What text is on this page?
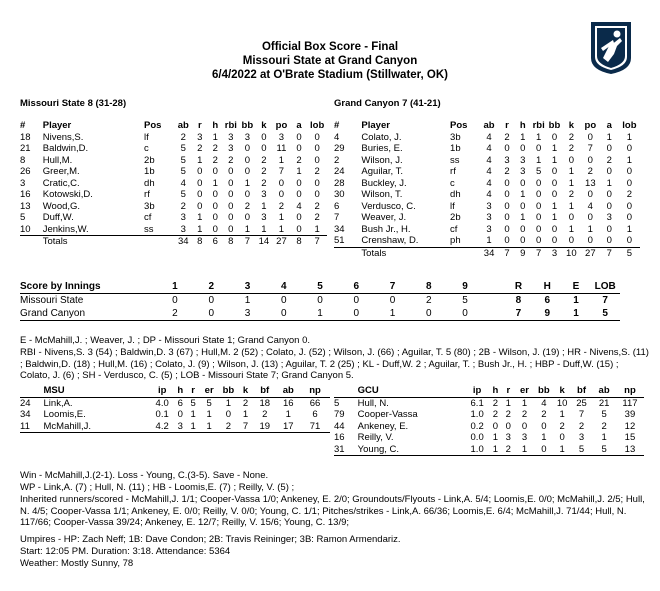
Official Box Score - Final
Missouri State at Grand Canyon
6/4/2022 at O'Brate Stadium (Stillwater, OK)
Missouri State 8 (31-28)	Grand Canyon 7 (41-21)
#	Player	Pos	ab	r	h	rbi	bb	k	po	a	lob
18	Nivens,S.	lf	2	3	1	3	3	0	3	0	0
21	Baldwin,D.	c	5	2	2	3	0	0	11	0	0
8	Hull,M.	2b	5	1	2	2	0	2	1	2	0
26	Greer,M.	1b	5	0	0	0	0	2	7	1	2
3	Cratic,C.	dh	4	0	1	0	1	2	0	0	0
16	Kotowski,D.	rf	5	0	0	0	0	3	0	0	0
13	Wood,G.	3b	2	0	0	0	2	1	2	4	2
5	Duff,W.	cf	3	1	0	0	0	3	1	0	2
10	Jenkins,W.	ss	3	1	0	0	1	1	1	0	1
	Totals		34	8	6	8	7	14	27	8	7
#	Player	Pos	ab	r	h	rbi	bb	k	po	a	lob
4	Colato, J.	3b	4	2	1	1	0	2	0	1	1
29	Buries, E.	1b	4	0	0	0	1	2	7	0	0
2	Wilson, J.	ss	4	3	3	1	1	0	0	2	1
24	Aguilar, T.	rf	4	2	3	5	0	1	2	0	0
28	Buckley, J.	c	4	0	0	0	0	1	13	1	0
30	Wilson, T.	dh	4	0	1	0	0	2	0	0	2
6	Verdusco, C.	lf	3	0	0	0	1	1	4	0	0
7	Weaver, J.	2b	3	0	1	0	1	0	0	3	0
34	Bush Jr., H.	cf	3	0	0	0	0	1	1	0	1
51	Crenshaw, D.	ph	1	0	0	0	0	0	0	0	0
	Totals		34	7	9	7	3	10	27	7	5
Score by Innings	1	2	3	4	5	6	7	8	9		R	H	E	LOB
Missouri State	0	0	1	0	0	0	0	2	5		8	6	1	7
Grand Canyon	2	0	3	0	1	0	1	0	0		7	9	1	5
E - McMahill,J. ; Weaver, J. ; DP - Missouri State 1; Grand Canyon 0.
RBI - Nivens,S. 3 (54) ; Baldwin,D. 3 (67) ; Hull,M. 2 (52) ; Colato, J. (52) ; Wilson, J. (66) ; Aguilar, T. 5 (80) ; 2B - Wilson, J. (19) ; HR - Nivens,S. (11) ; Baldwin,D. (18) ; Hull,M. (16) ; Colato, J. (9) ; Wilson, J. (13) ; Aguilar, T. 2 (25) ; KL - Duff,W. 2 ; Aguilar, T. ; Bush Jr., H. ; HBP - Duff,W. (15) ; Colato, J. (6) ; SH - Verdusco, C. (5) ; LOB - Missouri State 7; Grand Canyon 5.
	MSU	ip	h	r	er	bb	k	bf	ab	np
24	Link,A.	4.0	6	5	5	1	2	18	16	66
34	Loomis,E.	0.1	0	1	1	0	1	2	1	6
11	McMahill,J.	4.2	3	1	1	2	7	19	17	71
	GCU	ip	h	r	er	bb	k	bf	ab	np
5	Hull, N.	6.1	2	1	1	4	10	25	21	117
79	Cooper-Vassa	1.0	2	2	2	2	1	7	5	39
44	Ankeney, E.	0.2	0	0	0	0	2	2	2	12
16	Reilly, V.	0.0	1	3	3	1	0	3	1	15
31	Young, C.	1.0	1	2	1	0	1	5	5	13
Win - McMahill,J.(2-1). Loss - Young, C.(3-5). Save - None.
WP - Link,A. (7) ; Hull, N. (11) ; HB - Loomis,E. (7) ; Reilly, V. (5) ;
Inherited runners/scored - McMahill,J. 1/1; Cooper-Vassa 1/0; Ankeney, E. 2/0; Groundouts/Flyouts - Link,A. 5/4; Loomis,E. 0/0; McMahill,J. 2/5; Hull, N. 4/5; Cooper-Vassa 1/1; Ankeney, E. 0/0; Reilly, V. 0/0; Young, C. 1/1; Pitches/strikes - Link,A. 66/36; Loomis,E. 6/4; McMahill,J. 71/44; Hull, N. 117/66; Cooper-Vassa 39/24; Ankeney, E. 12/7; Reilly, V. 15/6; Young, C. 13/9;
Umpires - HP: Zach Neff; 1B: Dave Condon; 2B: Travis Reininger; 3B: Ramon Armendariz.
Start: 12:05 PM. Duration: 3:18. Attendance: 5364
Weather: Mostly Sunny, 78
